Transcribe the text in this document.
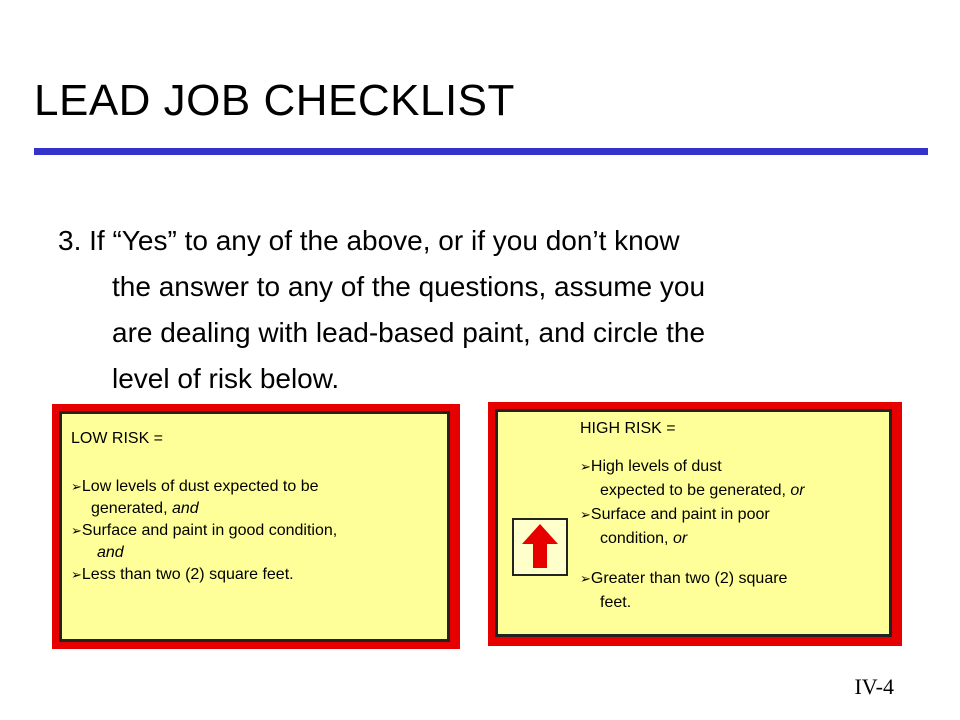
LEAD JOB CHECKLIST
3. If “Yes” to any of the above, or if you don’t know
the answer to any of the questions, assume you
are dealing with lead-based paint, and circle the
level of risk below.
LOW RISK =
➢Low levels of dust expected to be
generated, and
➢Surface and paint in good condition,
and
➢Less than two (2) square feet.
HIGH RISK =
➢High levels of dust
expected to be generated, or
➢Surface and paint in poor
condition, or
➢Greater than two (2) square
feet.
IV-4
